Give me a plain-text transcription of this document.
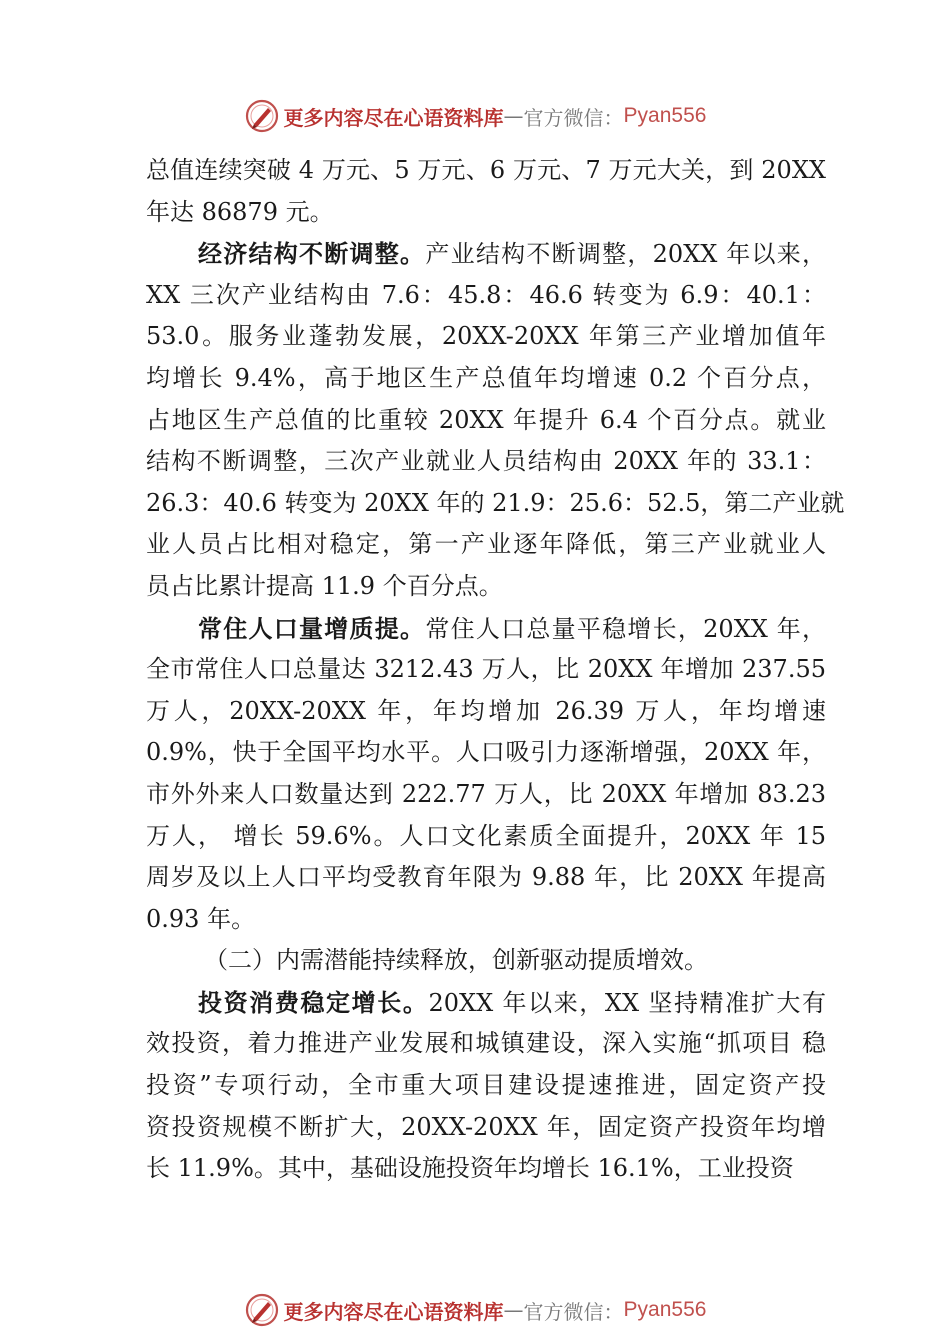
更多内容尽在心语资料库 — 官方微信： Pyan556
总值连续突破 4 万元、5 万元、6 万元、7 万元大关，到 20XX
年达 86879 元。
经济结构不断调整。产业结构不断调整，20XX 年以来，
XX 三次产业结构由 7.6：45.8：46.6 转变为 6.9：40.1：
53.0。服务业蓬勃发展，20XX-20XX 年第三产业增加值年
均增长 9.4%，高于地区生产总值年均增速 0.2 个百分点，
占地区生产总值的比重较 20XX 年提升 6.4 个百分点。就业
结构不断调整，三次产业就业人员结构由 20XX 年的 33.1：
26.3：40.6 转变为 20XX 年的 21.9：25.6：52.5，第二产业就
业人员占比相对稳定，第一产业逐年降低，第三产业就业人
员占比累计提高 11.9 个百分点。
常住人口量增质提。常住人口总量平稳增长，20XX 年，
全市常住人口总量达 3212.43 万人，比 20XX 年增加 237.55
万人，20XX-20XX 年，年均增加 26.39 万人，年均增速
0.9%，快于全国平均水平。人口吸引力逐渐增强，20XX 年，
市外外来人口数量达到 222.77 万人，比 20XX 年增加 83.23
万人， 增长 59.6%。人口文化素质全面提升，20XX 年 15
周岁及以上人口平均受教育年限为 9.88 年，比 20XX 年提高
0.93 年。
（二）内需潜能持续释放，创新驱动提质增效。
投资消费稳定增长。20XX 年以来，XX 坚持精准扩大有
效投资，着力推进产业发展和城镇建设，深入实施“抓项目 稳
投资”专项行动，全市重大项目建设提速推进，固定资产投
资投资规模不断扩大，20XX-20XX 年，固定资产投资年均增
长 11.9%。其中，基础设施投资年均增长 16.1%，工业投资
更多内容尽在心语资料库 — 官方微信： Pyan556
